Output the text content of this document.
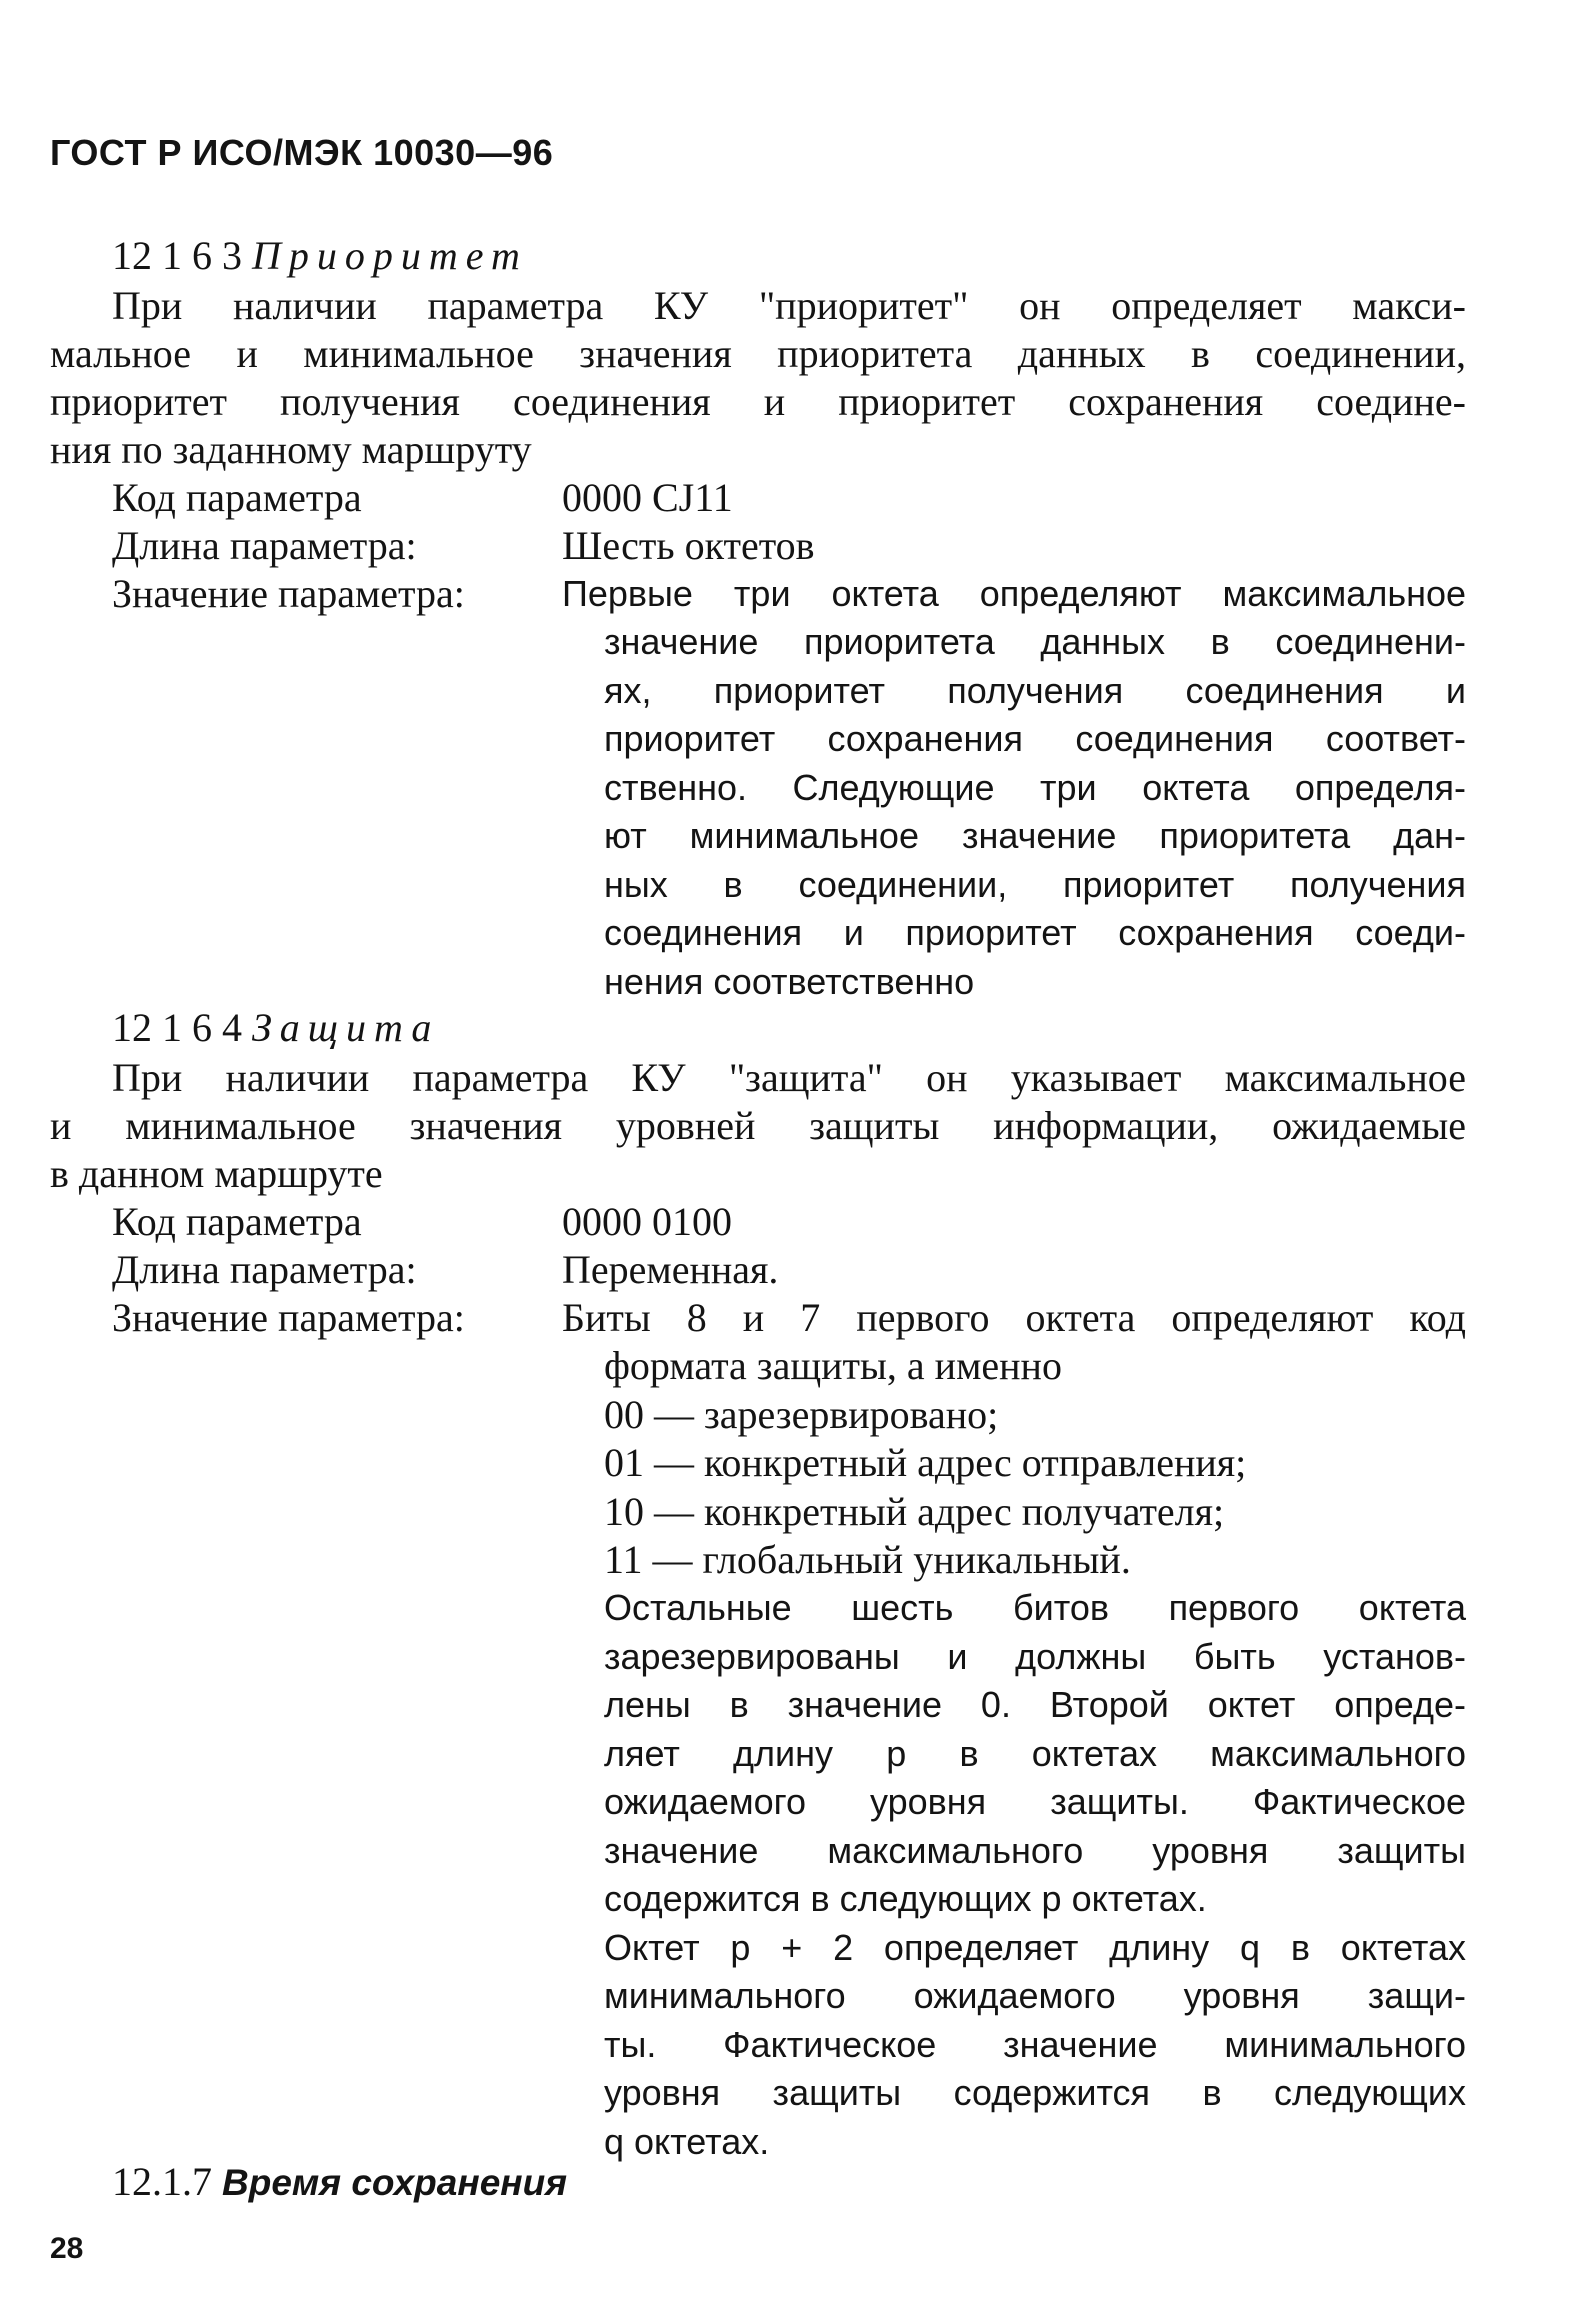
ГОСТ Р ИСО/МЭК 10030—96
12 1 6 3 Приоритет
При наличии параметра КУ "приоритет" он определяет макси-
мальное и минимальное значения приоритета данных в соединении,
приоритет получения соединения и приоритет сохранения соедине-
ния по заданному маршруту
Код параметра	0000 СЈ11
Длина параметра:	Шесть октетов
Значение параметра:	Первые три октета определяют максимальное
значение приоритета данных в соединени-
ях, приоритет получения соединения и
приоритет сохранения соединения соответ-
ственно. Следующие три октета определя-
ют минимальное значение приоритета дан-
ных в соединении, приоритет получения
соединения и приоритет сохранения соеди-
нения соответственно
12 1 6 4 Защита
При наличии параметра КУ "защита" он указывает максимальное
и минимальное значения уровней защиты информации, ожидаемые
в данном маршруте
Код параметра	0000 0100
Длина параметра:	Переменная.
Значение параметра: Биты 8 и 7 первого октета определяют код
формата защиты, а именно
00 — зарезервировано;
01 — конкретный адрес отправления;
10 — конкретный адрес получателя;
11 — глобальный уникальный.
Остальные шесть битов первого октета
зарезервированы и должны быть установ-
лены в значение 0. Второй октет опреде-
ляет длину р в октетах максимального
ожидаемого уровня защиты. Фактическое
значение максимального уровня защиты
содержится в следующих р октетах.
Октет р + 2 определяет длину q в октетах
минимального ожидаемого уровня защи-
ты. Фактическое значение минимального
уровня защиты содержится в следующих
q октетах.
12.1.7 Время сохранения
28
